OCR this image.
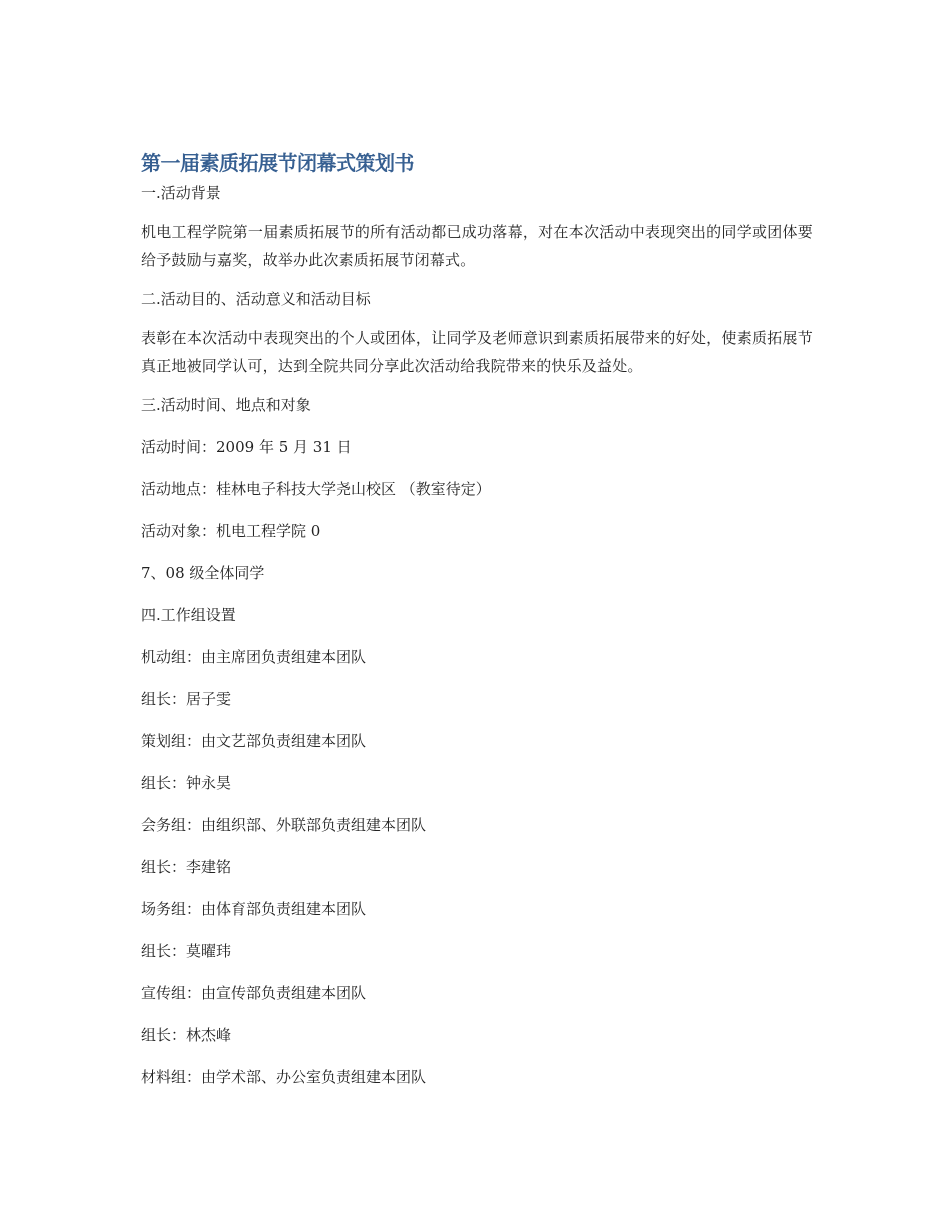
第一届素质拓展节闭幕式策划书
一.活动背景

机电工程学院第一届素质拓展节的所有活动都已成功落幕，对在本次活动中表现突出的同学或团体要给予鼓励与嘉奖，故举办此次素质拓展节闭幕式。

二.活动目的、活动意义和活动目标

表彰在本次活动中表现突出的个人或团体，让同学及老师意识到素质拓展带来的好处，使素质拓展节真正地被同学认可，达到全院共同分享此次活动给我院带来的快乐及益处。

三.活动时间、地点和对象
活动时间：2009 年 5 月 31 日
活动地点：桂林电子科技大学尧山校区 （教室待定）
活动对象：机电工程学院 0
7、08 级全体同学
四.工作组设置
机动组：由主席团负责组建本团队
组长：居子雯
策划组：由文艺部负责组建本团队
组长：钟永昊
会务组：由组织部、外联部负责组建本团队
组长：李建铭
场务组：由体育部负责组建本团队
组长：莫曜玮
宣传组：由宣传部负责组建本团队
组长：林杰峰
材料组：由学术部、办公室负责组建本团队
